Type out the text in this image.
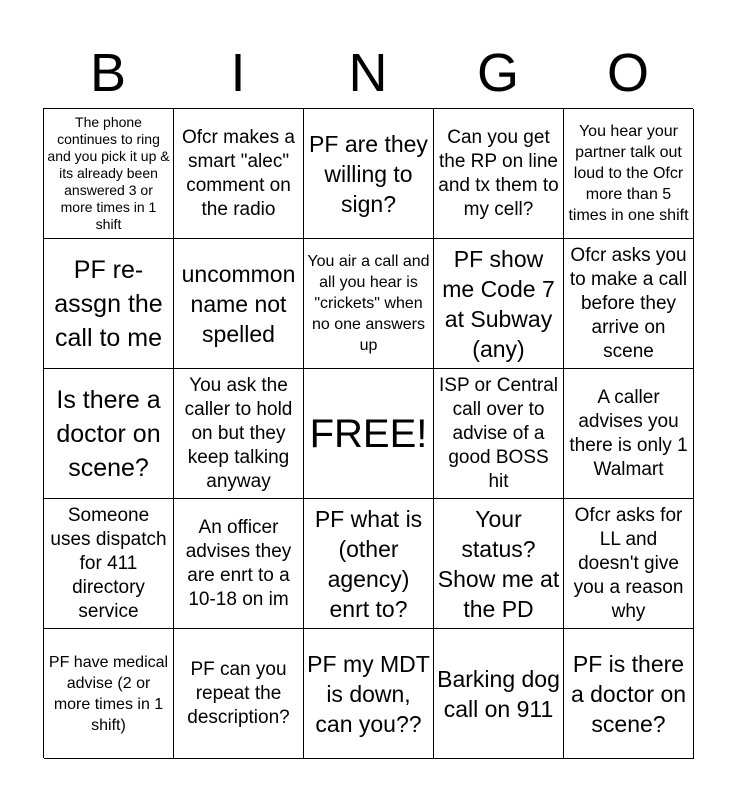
B	I	N	G	O
The phone continues to ring and you pick it up & its already been answered 3 or more times in 1 shift
Ofcr makes a smart "alec" comment on the radio
PF are they willing to sign?
Can you get the RP on line and tx them to my cell?
You hear your partner talk out loud to the Ofcr more than 5 times in one shift
PF re-assgn the call to me
uncommon name not spelled
You air a call and all you hear is "crickets" when no one answers up
PF show me Code 7 at Subway (any)
Ofcr asks you to make a call before they arrive on scene
Is there a doctor on scene?
You ask the caller to hold on but they keep talking anyway
FREE!
ISP or Central call over to advise of a good BOSS hit
A caller advises you there is only 1 Walmart
Someone uses dispatch for 411 directory service
An officer advises they are enrt to a 10-18 on im
PF what is (other agency) enrt to?
Your status? Show me at the PD
Ofcr asks for LL and doesn't give you a reason why
PF have medical advise (2 or more times in 1 shift)
PF can you repeat the description?
PF my MDT is down, can you??
Barking dog call on 911
PF is there a doctor on scene?
